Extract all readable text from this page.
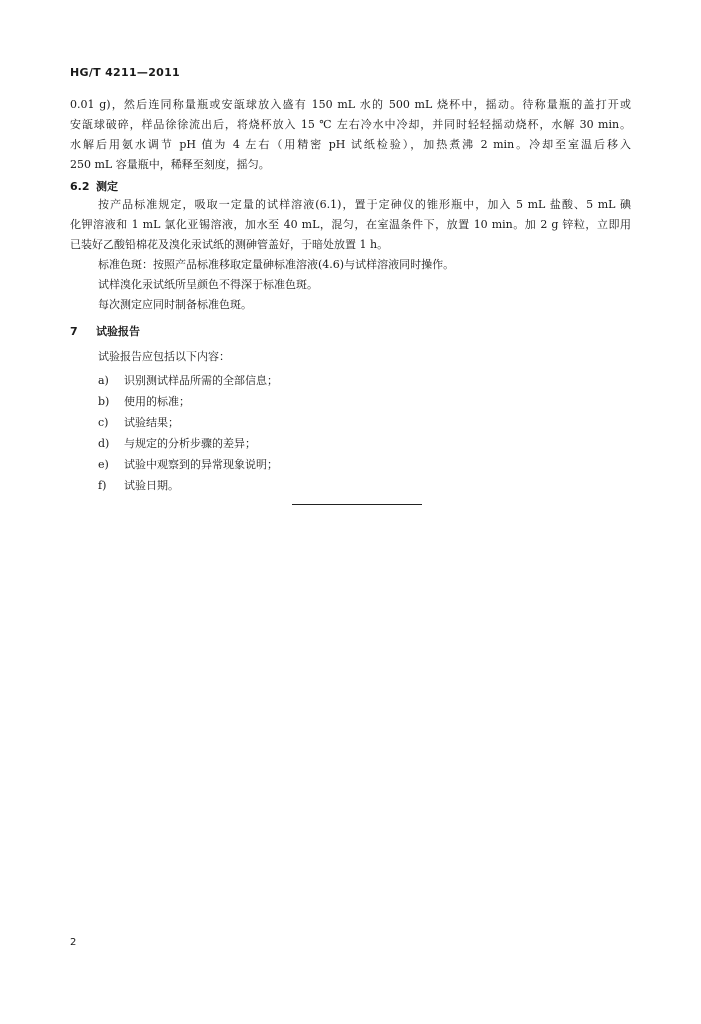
HG/T 4211—2011
0.01 g)，然后连同称量瓶或安瓿球放入盛有 150 mL 水的 500 mL 烧杯中，摇动。待称量瓶的盖打开或
安瓿球破碎，样品徐徐流出后，将烧杯放入 15 ℃ 左右冷水中冷却，并同时轻轻摇动烧杯，水解 30 min。
水解后用氨水调节 pH 值为 4 左右（用精密 pH 试纸检验），加热煮沸 2 min。冷却至室温后移入
250 mL 容量瓶中，稀释至刻度，摇匀。
6.2 测定
按产品标准规定，吸取一定量的试样溶液(6.1)，置于定砷仪的锥形瓶中，加入 5 mL 盐酸、5 mL 碘
化钾溶液和 1 mL 氯化亚锡溶液，加水至 40 mL，混匀，在室温条件下，放置 10 min。加 2 g 锌粒，立即用
已装好乙酸铅棉花及溴化汞试纸的测砷管盖好，于暗处放置 1 h。
标准色斑：按照产品标准移取定量砷标准溶液(4.6)与试样溶液同时操作。
试样溴化汞试纸所呈颜色不得深于标准色斑。
每次测定应同时制备标准色斑。
7 试验报告
试验报告应包括以下内容：
a) 识别测试样品所需的全部信息；
b) 使用的标准；
c) 试验结果；
d) 与规定的分析步骤的差异；
e) 试验中观察到的异常现象说明；
f) 试验日期。
2
